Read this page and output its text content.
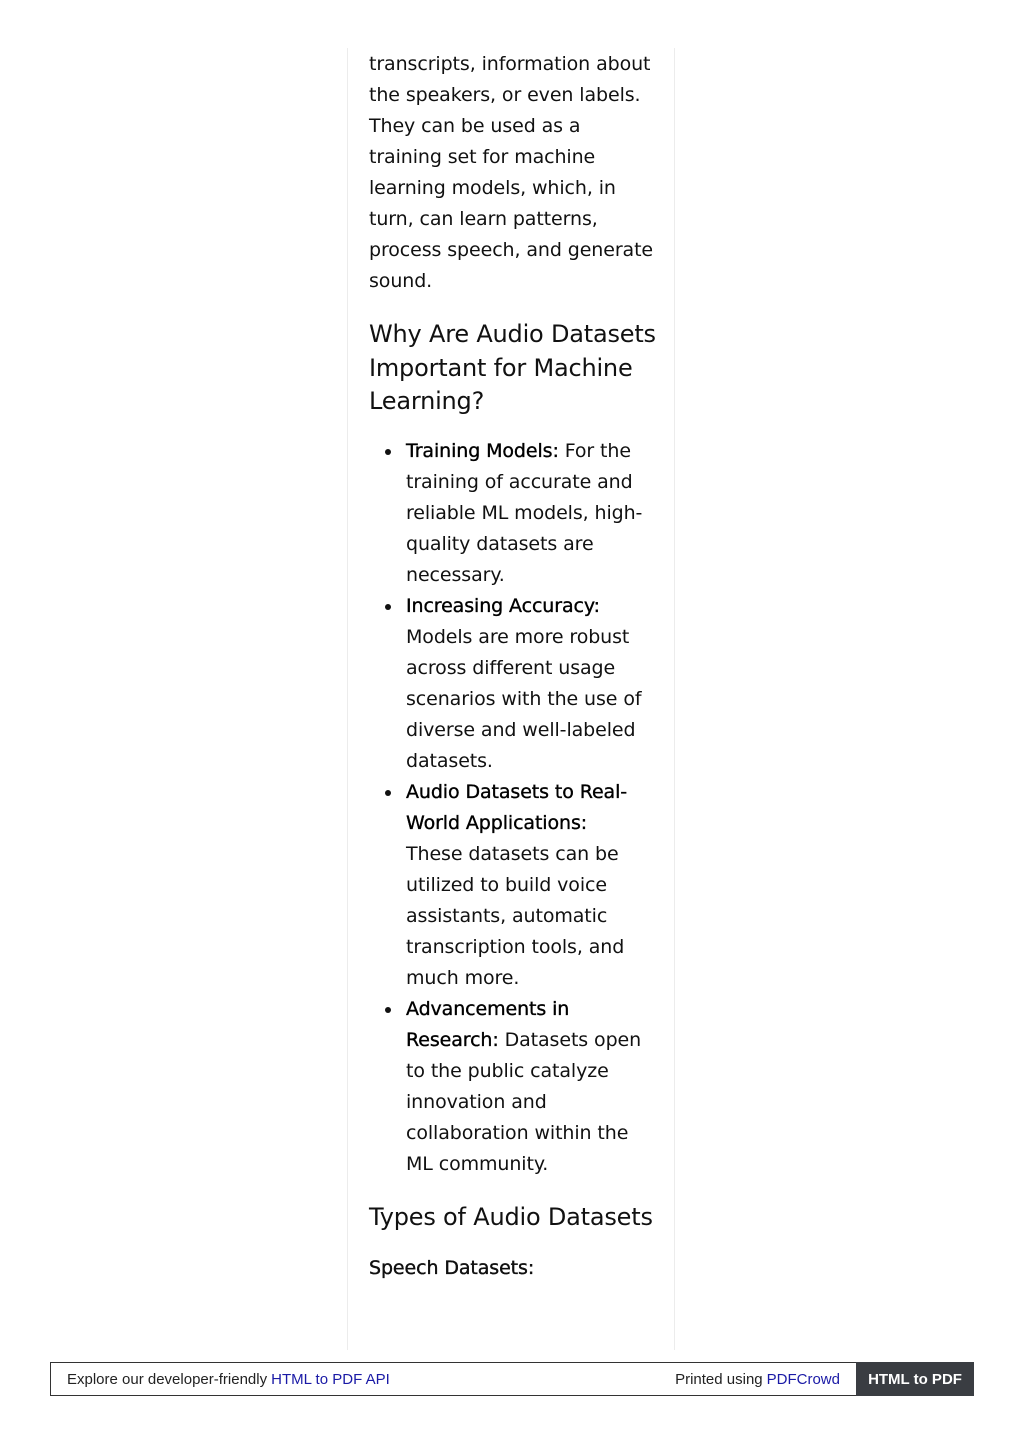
transcripts, information about the speakers, or even labels. They can be used as a training set for machine learning models, which, in turn, can learn patterns, process speech, and generate sound.

Why Are Audio Datasets Important for Machine Learning?
Training Models: For the training of accurate and reliable ML models, high-quality datasets are necessary.
Increasing Accuracy:
Models are more robust across different usage scenarios with the use of diverse and well-labeled datasets.
Audio Datasets to Real-World Applications:
These datasets can be utilized to build voice assistants, automatic transcription tools, and much more.
Advancements in Research: Datasets open to the public catalyze innovation and collaboration within the ML community.
Types of Audio Datasets

Speech Datasets:

Explore our developer-friendly HTML to PDF API	Printed using PDFCrowd	HTML to PDF
